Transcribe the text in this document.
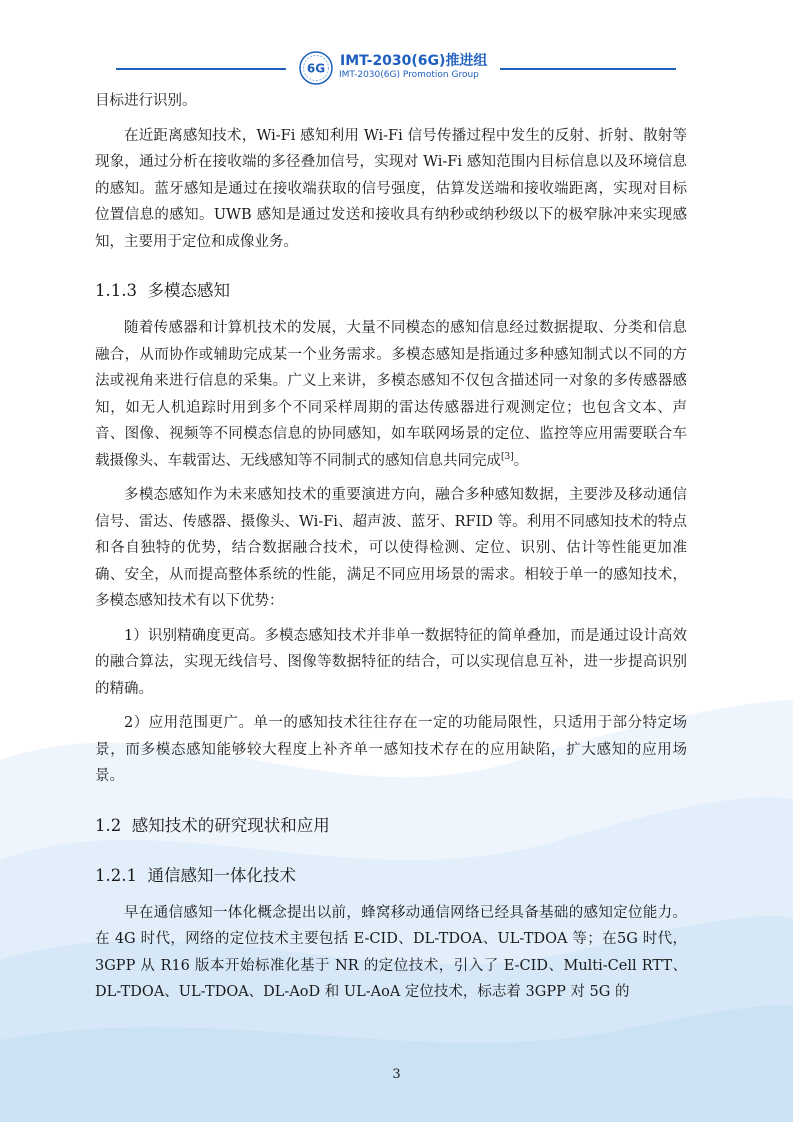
6G IMT-2030(6G)推进组
IMT-2030(6G) Promotion Group

目标进行识别。

在近距离感知技术，Wi-Fi 感知利用 Wi-Fi 信号传播过程中发生的反射、折射、散射等现象，通过分析在接收端的多径叠加信号，实现对 Wi-Fi 感知范围内目标信息以及环境信息的感知。蓝牙感知是通过在接收端获取的信号强度，估算发送端和接收端距离，实现对目标位置信息的感知。UWB 感知是通过发送和接收具有纳秒或纳秒级以下的极窄脉冲来实现感知，主要用于定位和成像业务。

1.1.3 多模态感知

随着传感器和计算机技术的发展，大量不同模态的感知信息经过数据提取、分类和信息融合，从而协作或辅助完成某一个业务需求。多模态感知是指通过多种感知制式以不同的方法或视角来进行信息的采集。广义上来讲，多模态感知不仅包含描述同一对象的多传感器感知，如无人机追踪时用到多个不同采样周期的雷达传感器进行观测定位；也包含文本、声音、图像、视频等不同模态信息的协同感知，如车联网场景的定位、监控等应用需要联合车载摄像头、车载雷达、无线感知等不同制式的感知信息共同完成[3]。

多模态感知作为未来感知技术的重要演进方向，融合多种感知数据，主要涉及移动通信信号、雷达、传感器、摄像头、Wi-Fi、超声波、蓝牙、RFID 等。利用不同感知技术的特点和各自独特的优势，结合数据融合技术，可以使得检测、定位、识别、估计等性能更加准确、安全，从而提高整体系统的性能，满足不同应用场景的需求。相较于单一的感知技术，多模态感知技术有以下优势：

1）识别精确度更高。多模态感知技术并非单一数据特征的简单叠加，而是通过设计高效的融合算法，实现无线信号、图像等数据特征的结合，可以实现信息互补，进一步提高识别的精确。

2）应用范围更广。单一的感知技术往往存在一定的功能局限性，只适用于部分特定场景，而多模态感知能够较大程度上补齐单一感知技术存在的应用缺陷，扩大感知的应用场景。

1.2 感知技术的研究现状和应用
1.2.1 通信感知一体化技术

早在通信感知一体化概念提出以前，蜂窝移动通信网络已经具备基础的感知定位能力。在 4G 时代，网络的定位技术主要包括 E-CID、DL-TDOA、UL-TDOA 等；在5G 时代，3GPP 从 R16 版本开始标准化基于 NR 的定位技术，引入了 E-CID、Multi-Cell RTT、DL-TDOA、UL-TDOA、DL-AoD 和 UL-AoA 定位技术，标志着 3GPP 对 5G 的

3
